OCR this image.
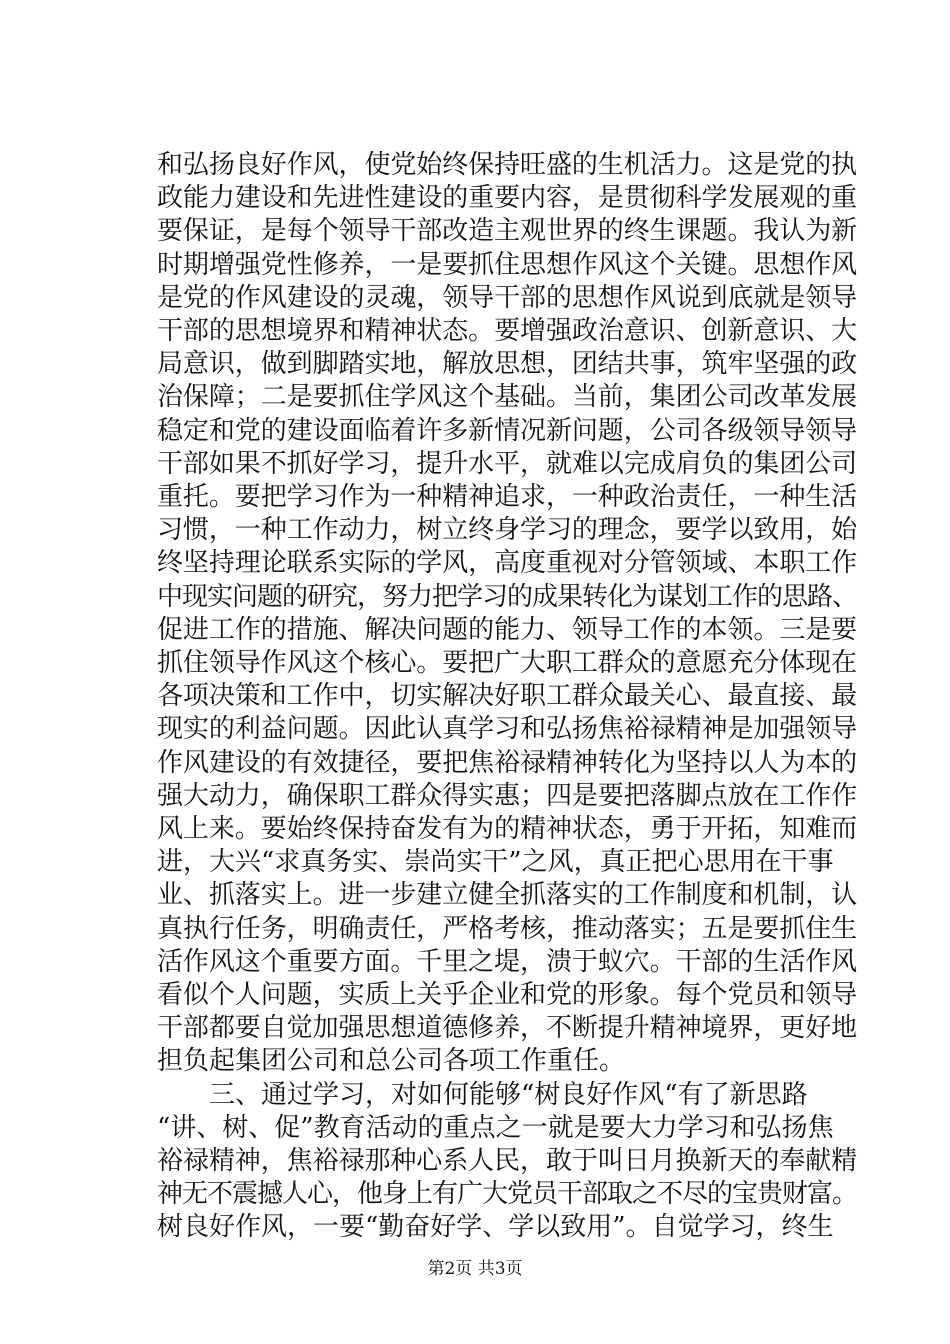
和弘扬良好作风，使党始终保持旺盛的生机活力。这是党的执
政能力建设和先进性建设的重要内容，是贯彻科学发展观的重
要保证，是每个领导干部改造主观世界的终生课题。我认为新
时期增强党性修养，一是要抓住思想作风这个关键。思想作风
是党的作风建设的灵魂，领导干部的思想作风说到底就是领导
干部的思想境界和精神状态。要增强政治意识、创新意识、大
局意识，做到脚踏实地，解放思想，团结共事，筑牢坚强的政
治保障；二是要抓住学风这个基础。当前，集团公司改革发展
稳定和党的建设面临着许多新情况新问题，公司各级领导领导
干部如果不抓好学习，提升水平，就难以完成肩负的集团公司
重托。要把学习作为一种精神追求，一种政治责任，一种生活
习惯，一种工作动力，树立终身学习的理念，要学以致用，始
终坚持理论联系实际的学风，高度重视对分管领域、本职工作
中现实问题的研究，努力把学习的成果转化为谋划工作的思路、
促进工作的措施、解决问题的能力、领导工作的本领。三是要
抓住领导作风这个核心。要把广大职工群众的意愿充分体现在
各项决策和工作中，切实解决好职工群众最关心、最直接、最
现实的利益问题。因此认真学习和弘扬焦裕禄精神是加强领导
作风建设的有效捷径，要把焦裕禄精神转化为坚持以人为本的
强大动力，确保职工群众得实惠；四是要把落脚点放在工作作
风上来。要始终保持奋发有为的精神状态，勇于开拓，知难而
进，大兴“求真务实、崇尚实干”之风，真正把心思用在干事
业、抓落实上。进一步建立健全抓落实的工作制度和机制，认
真执行任务，明确责任，严格考核，推动落实；五是要抓住生
活作风这个重要方面。千里之堤，溃于蚁穴。干部的生活作风
看似个人问题，实质上关乎企业和党的形象。每个党员和领导
干部都要自觉加强思想道德修养，不断提升精神境界，更好地
担负起集团公司和总公司各项工作重任。
　　三、通过学习，对如何能够“树良好作风“有了新思路
“讲、树、促”教育活动的重点之一就是要大力学习和弘扬焦
裕禄精神，焦裕禄那种心系人民，敢于叫日月换新天的奉献精
神无不震撼人心，他身上有广大党员干部取之不尽的宝贵财富。
树良好作风，一要“勤奋好学、学以致用”。自觉学习，终生
第2页 共3页
